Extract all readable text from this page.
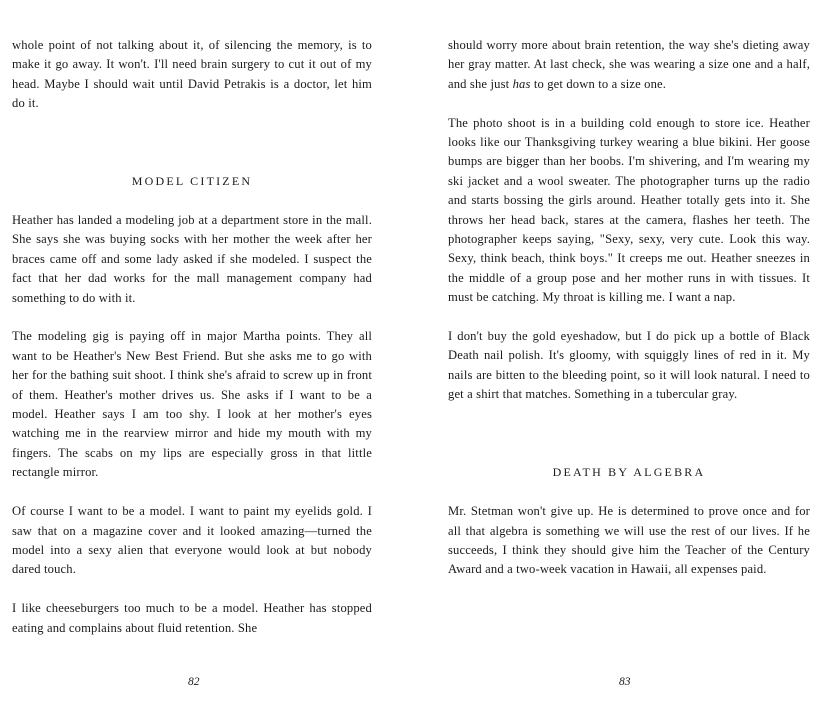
whole point of not talking about it, of silencing the memory, is to make it go away. It won't. I'll need brain surgery to cut it out of my head. Maybe I should wait until David Petrakis is a doctor, let him do it.

MODEL CITIZEN

Heather has landed a modeling job at a department store in the mall. She says she was buying socks with her mother the week after her braces came off and some lady asked if she modeled. I suspect the fact that her dad works for the mall management company had something to do with it.

The modeling gig is paying off in major Martha points. They all want to be Heather's New Best Friend. But she asks me to go with her for the bathing suit shoot. I think she's afraid to screw up in front of them. Heather's mother drives us. She asks if I want to be a model. Heather says I am too shy. I look at her mother's eyes watching me in the rearview mirror and hide my mouth with my fingers. The scabs on my lips are especially gross in that little rectangle mirror.

Of course I want to be a model. I want to paint my eyelids gold. I saw that on a magazine cover and it looked amazing—turned the model into a sexy alien that everyone would look at but nobody dared touch.

I like cheeseburgers too much to be a model. Heather has stopped eating and complains about fluid retention. She

should worry more about brain retention, the way she's dieting away her gray matter. At last check, she was wearing a size one and a half, and she just has to get down to a size one.

The photo shoot is in a building cold enough to store ice. Heather looks like our Thanksgiving turkey wearing a blue bikini. Her goose bumps are bigger than her boobs. I'm shivering, and I'm wearing my ski jacket and a wool sweater. The photographer turns up the radio and starts bossing the girls around. Heather totally gets into it. She throws her head back, stares at the camera, flashes her teeth. The photographer keeps saying, "Sexy, sexy, very cute. Look this way. Sexy, think beach, think boys." It creeps me out. Heather sneezes in the middle of a group pose and her mother runs in with tissues. It must be catching. My throat is killing me. I want a nap.

I don't buy the gold eyeshadow, but I do pick up a bottle of Black Death nail polish. It's gloomy, with squiggly lines of red in it. My nails are bitten to the bleeding point, so it will look natural. I need to get a shirt that matches. Something in a tubercular gray.

DEATH BY ALGEBRA

Mr. Stetman won't give up. He is determined to prove once and for all that algebra is something we will use the rest of our lives. If he succeeds, I think they should give him the Teacher of the Century Award and a two-week vacation in Hawaii, all expenses paid.

82	83
